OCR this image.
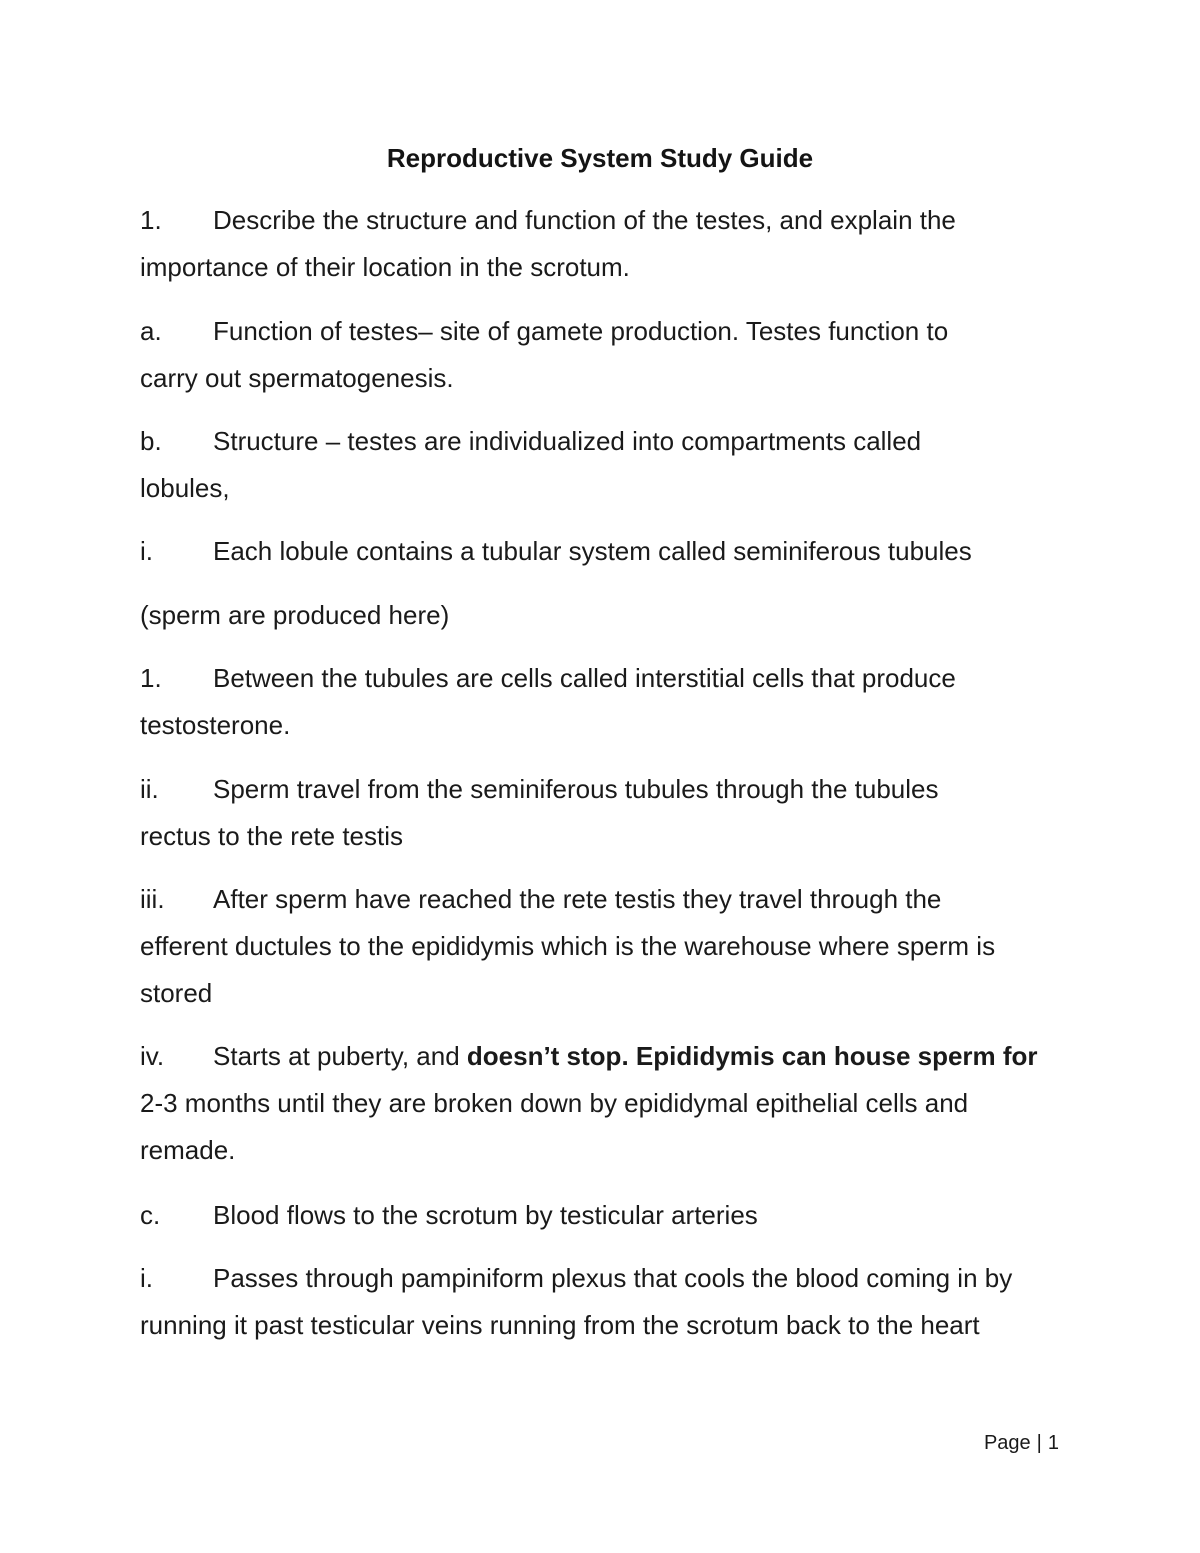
Reproductive System Study Guide
1. Describe the structure and function of the testes, and explain the
importance of their location in the scrotum.
a. Function of testes– site of gamete production. Testes function to
carry out spermatogenesis.
b. Structure – testes are individualized into compartments called
lobules,
i. Each lobule contains a tubular system called seminiferous tubules
(sperm are produced here)
1. Between the tubules are cells called interstitial cells that produce
testosterone.
ii. Sperm travel from the seminiferous tubules through the tubules
rectus to the rete testis
iii. After sperm have reached the rete testis they travel through the
efferent ductules to the epididymis which is the warehouse where sperm is
stored
iv. Starts at puberty, and doesn’t stop. Epididymis can house sperm for
2-3 months until they are broken down by epididymal epithelial cells and
remade.
c. Blood flows to the scrotum by testicular arteries
i. Passes through pampiniform plexus that cools the blood coming in by
running it past testicular veins running from the scrotum back to the heart
Page | 1
